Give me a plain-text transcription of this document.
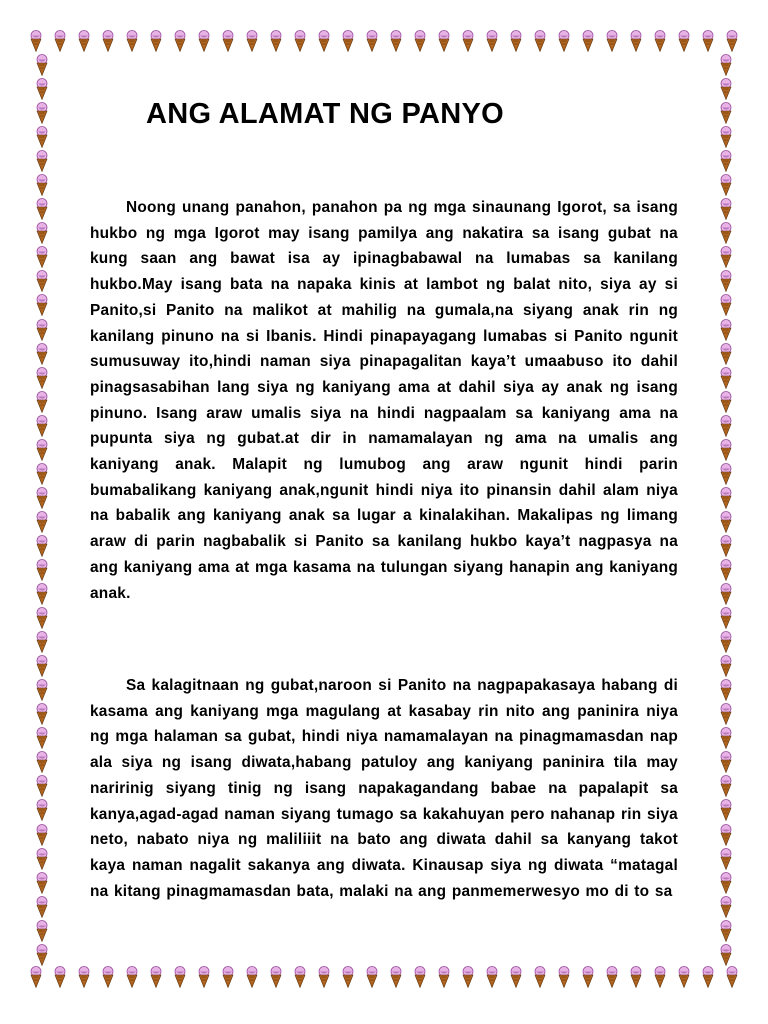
ANG ALAMAT NG PANYO

Noong unang panahon, panahon pa ng mga sinaunang Igorot, sa isang hukbo ng mga Igorot may isang pamilya ang nakatira sa isang gubat na kung saan ang bawat isa ay ipinagbabawal na lumabas sa kanilang hukbo.May isang bata na napaka kinis at lambot ng balat nito, siya ay si Panito,si Panito na malikot at mahilig na gumala,na siyang anak rin ng kanilang pinuno na si Ibanis. Hindi pinapayagang lumabas si Panito ngunit sumusuway ito,hindi naman siya pinapagalitan kaya’t umaabuso ito dahil pinagsasabihan lang siya ng kaniyang ama at dahil siya ay anak ng isang pinuno. Isang araw umalis siya na hindi nagpaalam sa kaniyang ama na pupunta siya ng gubat.at dir in namamalayan ng ama na umalis ang kaniyang anak. Malapit ng lumubog ang araw ngunit hindi parin bumabalikang kaniyang anak,ngunit hindi niya ito pinansin dahil alam niya na babalik ang kaniyang anak sa lugar a kinalakihan. Makalipas ng limang araw di parin nagbabalik si Panito sa kanilang hukbo kaya’t nagpasya na ang kaniyang ama at mga kasama na tulungan siyang hanapin ang kaniyang anak.

Sa kalagitnaan ng gubat,naroon si Panito na nagpapakasaya habang di kasama ang kaniyang mga magulang at kasabay rin nito ang paninira niya ng mga halaman sa gubat, hindi niya namamalayan na pinagmamasdan nap ala siya ng isang diwata,habang patuloy ang kaniyang paninira tila may naririnig siyang tinig ng isang napakagandang babae na papalapit sa kanya,agad-agad naman siyang tumago sa kakahuyan pero nahanap rin siya neto, nabato niya ng maliliiit na bato ang diwata dahil sa kanyang takot kaya naman nagalit sakanya ang diwata. Kinausap siya ng diwata “matagal na kitang pinagmamasdan bata, malaki na ang panmemerwesyo mo di to sa
